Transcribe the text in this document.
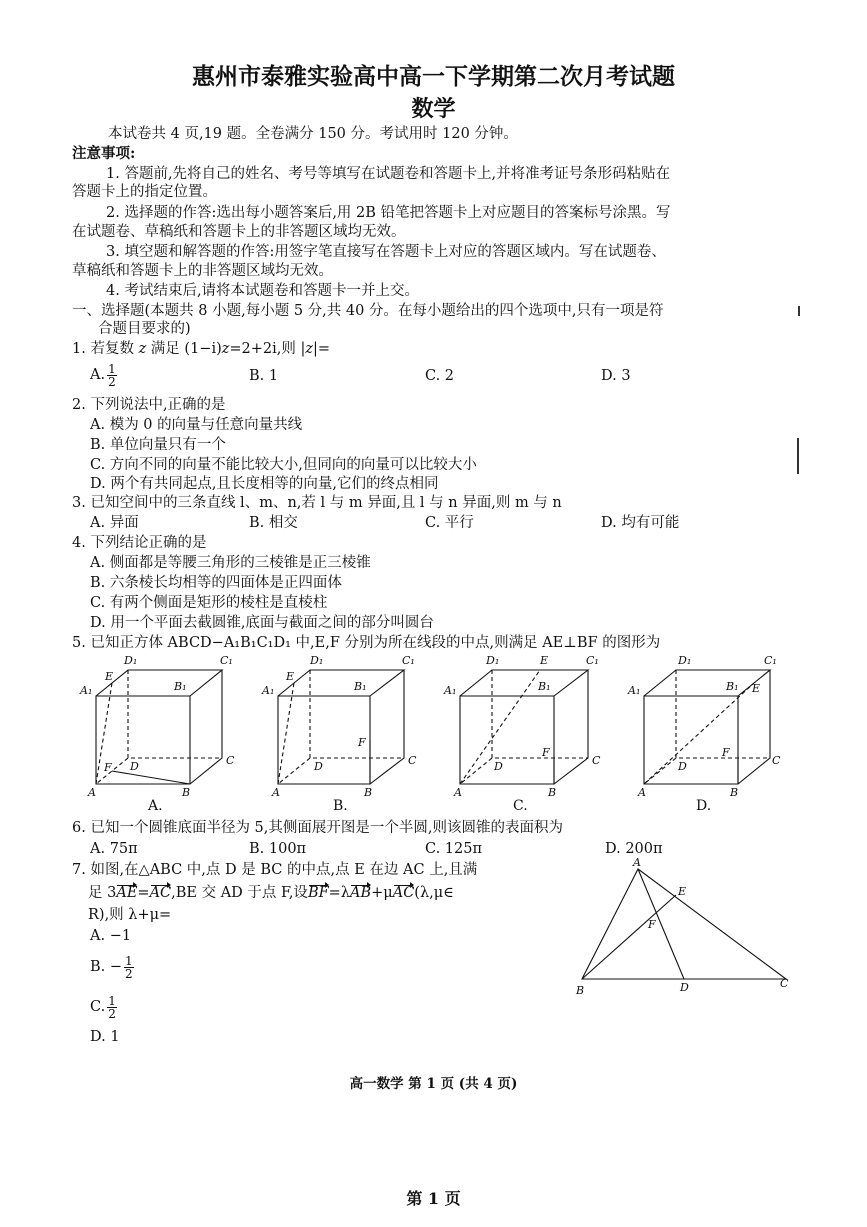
惠州市泰雅实验高中高一下学期第二次月考试题
数学
本试卷共 4 页,19 题。全卷满分 150 分。考试用时 120 分钟。
注意事项:
1. 答题前,先将自己的姓名、考号等填写在试题卷和答题卡上,并将准考证号条形码粘贴在
答题卡上的指定位置。
2. 选择题的作答:选出每小题答案后,用 2B 铅笔把答题卡上对应题目的答案标号涂黑。写
在试题卷、草稿纸和答题卡上的非答题区域均无效。
3. 填空题和解答题的作答:用签字笔直接写在答题卡上对应的答题区域内。写在试题卷、
草稿纸和答题卡上的非答题区域均无效。
4. 考试结束后,请将本试题卷和答题卡一并上交。
一、选择题(本题共 8 小题,每小题 5 分,共 40 分。在每小题给出的四个选项中,只有一项是符
合题目要求的)
1. 若复数 z 满足 (1−i)z=2+2i,则 |z|=
A. $\frac{1}{2}$	B. 1	C. 2	D. 3
2. 下列说法中,正确的是
A. 模为 0 的向量与任意向量共线
B. 单位向量只有一个
C. 方向不同的向量不能比较大小,但同向的向量可以比较大小
D. 两个有共同起点,且长度相等的向量,它们的终点相同
3. 已知空间中的三条直线 l、m、n,若 l 与 m 异面,且 l 与 n 异面,则 m 与 n
A. 异面	B. 相交	C. 平行	D. 均有可能
4. 下列结论正确的是
A. 侧面都是等腰三角形的三棱锥是正三棱锥
B. 六条棱长均相等的四面体是正四面体
C. 有两个侧面是矩形的棱柱是直棱柱
D. 用一个平面去截圆锥,底面与截面之间的部分叫圆台
5. 已知正方体 ABCD−A₁B₁C₁D₁ 中,E,F 分别为所在线段的中点,则满足 AE⊥BF 的图形为
A₁
D₁	C₁
B₁
E
F D	C
A	B
A.
A₁
D₁	C₁
B₁
E
F
D	C
A	B
B.
A₁
D₁	C₁
B₁
E
F
D	C
A	B
C.
A₁
D₁	C₁
B₁ E
F
D	C
A	B
D.
6. 已知一个圆锥底面半径为 5,其侧面展开图是一个半圆,则该圆锥的表面积为
A. 75π	B. 100π	C. 125π	D. 200π
7. 如图,在△ABC 中,点 D 是 BC 的中点,点 E 在边 AC 上,且满
足 3AE=AC,BE 交 AD 于点 F,设BF=λAB+μAC(λ,μ∈
R),则 λ+μ=
A. −1
B. − $\frac{1}{2}$
C. $\frac{1}{2}$
D. 1
A
E
F
B	D	C
高一数学 第 1 页 (共 4 页)
第 1 页
